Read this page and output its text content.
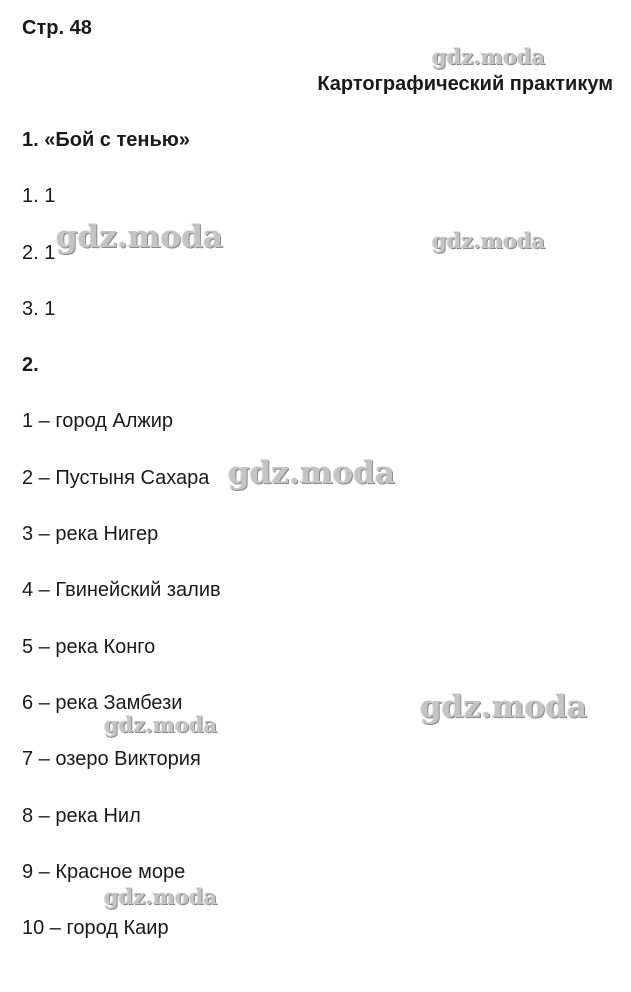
Стр. 48
Картографический практикум
1. «Бой с тенью»
1. 1
2. 1
3. 1
2.
1 – город Алжир
2 – Пустыня Сахара
3 – река Нигер
4 – Гвинейский залив
5 – река Конго
6 – река Замбези
7 – озеро Виктория
8 – река Нил
9 – Красное море
10 – город Каир
gdz.moda
gdz.moda	gdz.moda
gdz.moda
gdz.moda
gdz.moda
gdz.moda
